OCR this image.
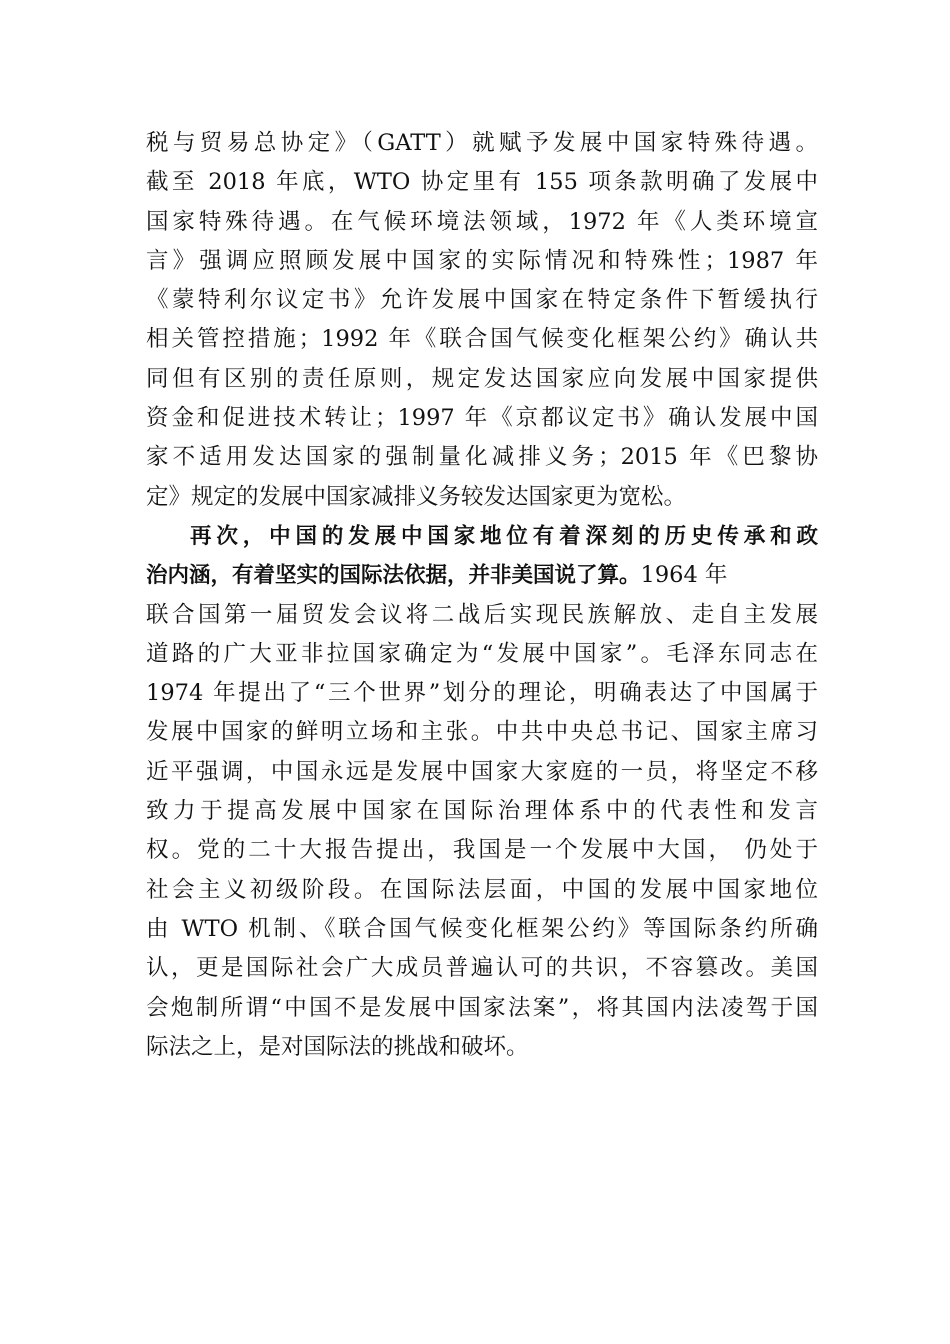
税与贸易总协定》（GATT）就赋予发展中国家特殊待遇。
截至 2018 年底，WTO 协定里有 155 项条款明确了发展中
国家特殊待遇。在气候环境法领域，1972 年《人类环境宣
言》强调应照顾发展中国家的实际情况和特殊性；1987 年
《蒙特利尔议定书》允许发展中国家在特定条件下暂缓执行
相关管控措施；1992 年《联合国气候变化框架公约》确认共
同但有区别的责任原则，规定发达国家应向发展中国家提供
资金和促进技术转让；1997 年《京都议定书》确认发展中国
家不适用发达国家的强制量化减排义务；2015 年《巴黎协
定》规定的发展中国家减排义务较发达国家更为宽松。
再次，中国的发展中国家地位有着深刻的历史传承和政
治内涵，有着坚实的国际法依据，并非美国说了算。1964 年
联合国第一届贸发会议将二战后实现民族解放、走自主发展
道路的广大亚非拉国家确定为“发展中国家”。毛泽东同志在
1974 年提出了“三个世界”划分的理论，明确表达了中国属于
发展中国家的鲜明立场和主张。中共中央总书记、国家主席习
近平强调，中国永远是发展中国家大家庭的一员，将坚定不移
致力于提高发展中国家在国际治理体系中的代表性和发言
权。党的二十大报告提出，我国是一个发展中大国， 仍处于
社会主义初级阶段。在国际法层面，中国的发展中国家地位
由 WTO 机制、《联合国气候变化框架公约》等国际条约所确
认，更是国际社会广大成员普遍认可的共识，不容篡改。美国
会炮制所谓“中国不是发展中国家法案”，将其国内法凌驾于国
际法之上，是对国际法的挑战和破坏。
